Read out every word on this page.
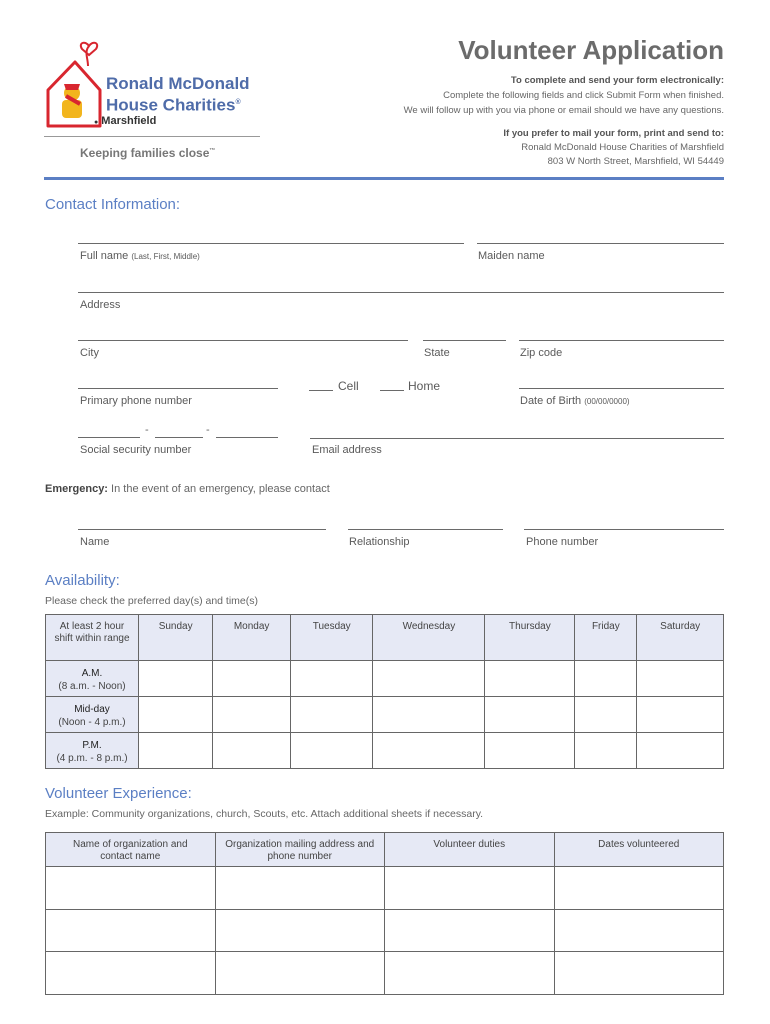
Ronald McDonald
House Charities®
● Marshfield
Keeping families close™
Volunteer Application
To complete and send your form electronically:
Complete the following fields and click Submit Form when finished.
We will follow up with you via phone or email should we have any questions.
If you prefer to mail your form, print and send to:
Ronald McDonald House Charities of Marshfield
803 W North Street, Marshfield, WI 54449
Contact Information:
Full name (Last, First, Middle)	Maiden name
Address
City	State	Zip code
Cell	Home
Primary phone number	Date of Birth (00/00/0000)
-	-
Social security number	Email address
Emergency: In the event of an emergency, please contact
Name	Relationship	Phone number
Availability:
Please check the preferred day(s) and time(s)
At least 2 hour shift within range	Sunday	Monday	Tuesday	Wednesday	Thursday	Friday	Saturday

A.M.
(8 a.m. - Noon)							

Mid-day
(Noon - 4 p.m.)							

P.M.
(4 p.m. - 8 p.m.)							

Volunteer Experience:
Example: Community organizations, church, Scouts, etc. Attach additional sheets if necessary.
Name of organization and contact name	Organization mailing address and phone number	Volunteer duties	Dates volunteered
